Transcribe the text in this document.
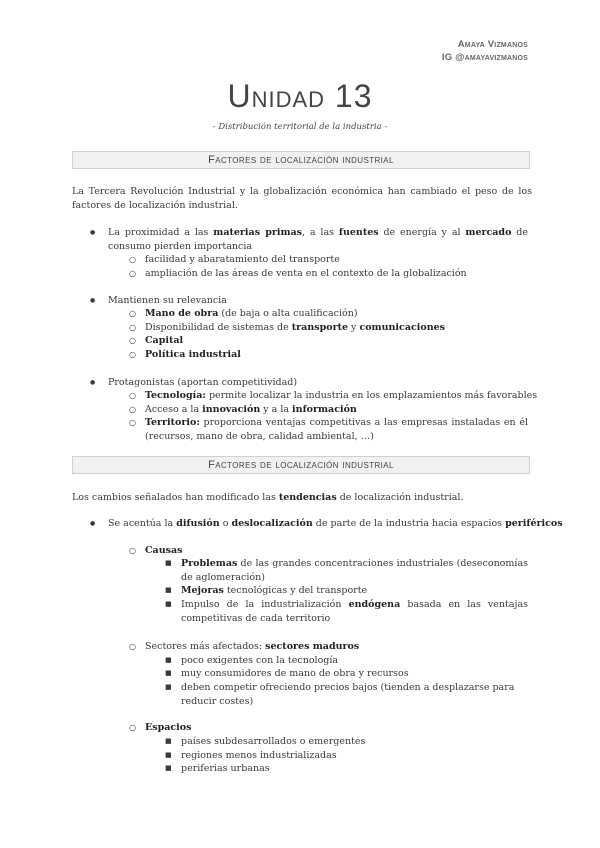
Amaya Vizmanos
IG @amayavizmanos
Unidad 13
- Distribución territorial de la industria -
Factores de localización industrial
La Tercera Revolución Industrial y la globalización económica han cambiado el peso de los factores de localización industrial.
● La proximidad a las materias primas, a las fuentes de energía y al mercado de consumo pierden importancia
○ facilidad y abaratamiento del transporte
○ ampliación de las áreas de venta en el contexto de la globalización
● Mantienen su relevancia
○ Mano de obra (de baja o alta cualificación)
○ Disponibilidad de sistemas de transporte y comunicaciones
○ Capital
○ Política industrial
● Protagonistas (aportan competitividad)
○ Tecnología: permite localizar la industria en los emplazamientos más favorables
○ Acceso a la innovación y a la información
○ Territorio: proporciona ventajas competitivas a las empresas instaladas en él (recursos, mano de obra, calidad ambiental, …)
Factores de localización industrial
Los cambios señalados han modificado las tendencias de localización industrial.
● Se acentúa la difusión o deslocalización de parte de la industria hacia espacios periféricos
○ Causas
■ Problemas de las grandes concentraciones industriales (deseconomías de aglomeración)
■ Mejoras tecnológicas y del transporte
■ Impulso de la industrialización endógena basada en las ventajas competitivas de cada territorio
○ Sectores más afectados: sectores maduros
■ poco exigentes con la tecnología
■ muy consumidores de mano de obra y recursos
■ deben competir ofreciendo precios bajos (tienden a desplazarse para reducir costes)
○ Espacios
■ países subdesarrollados o emergentes
■ regiones menos industrializadas
■ periferias urbanas
